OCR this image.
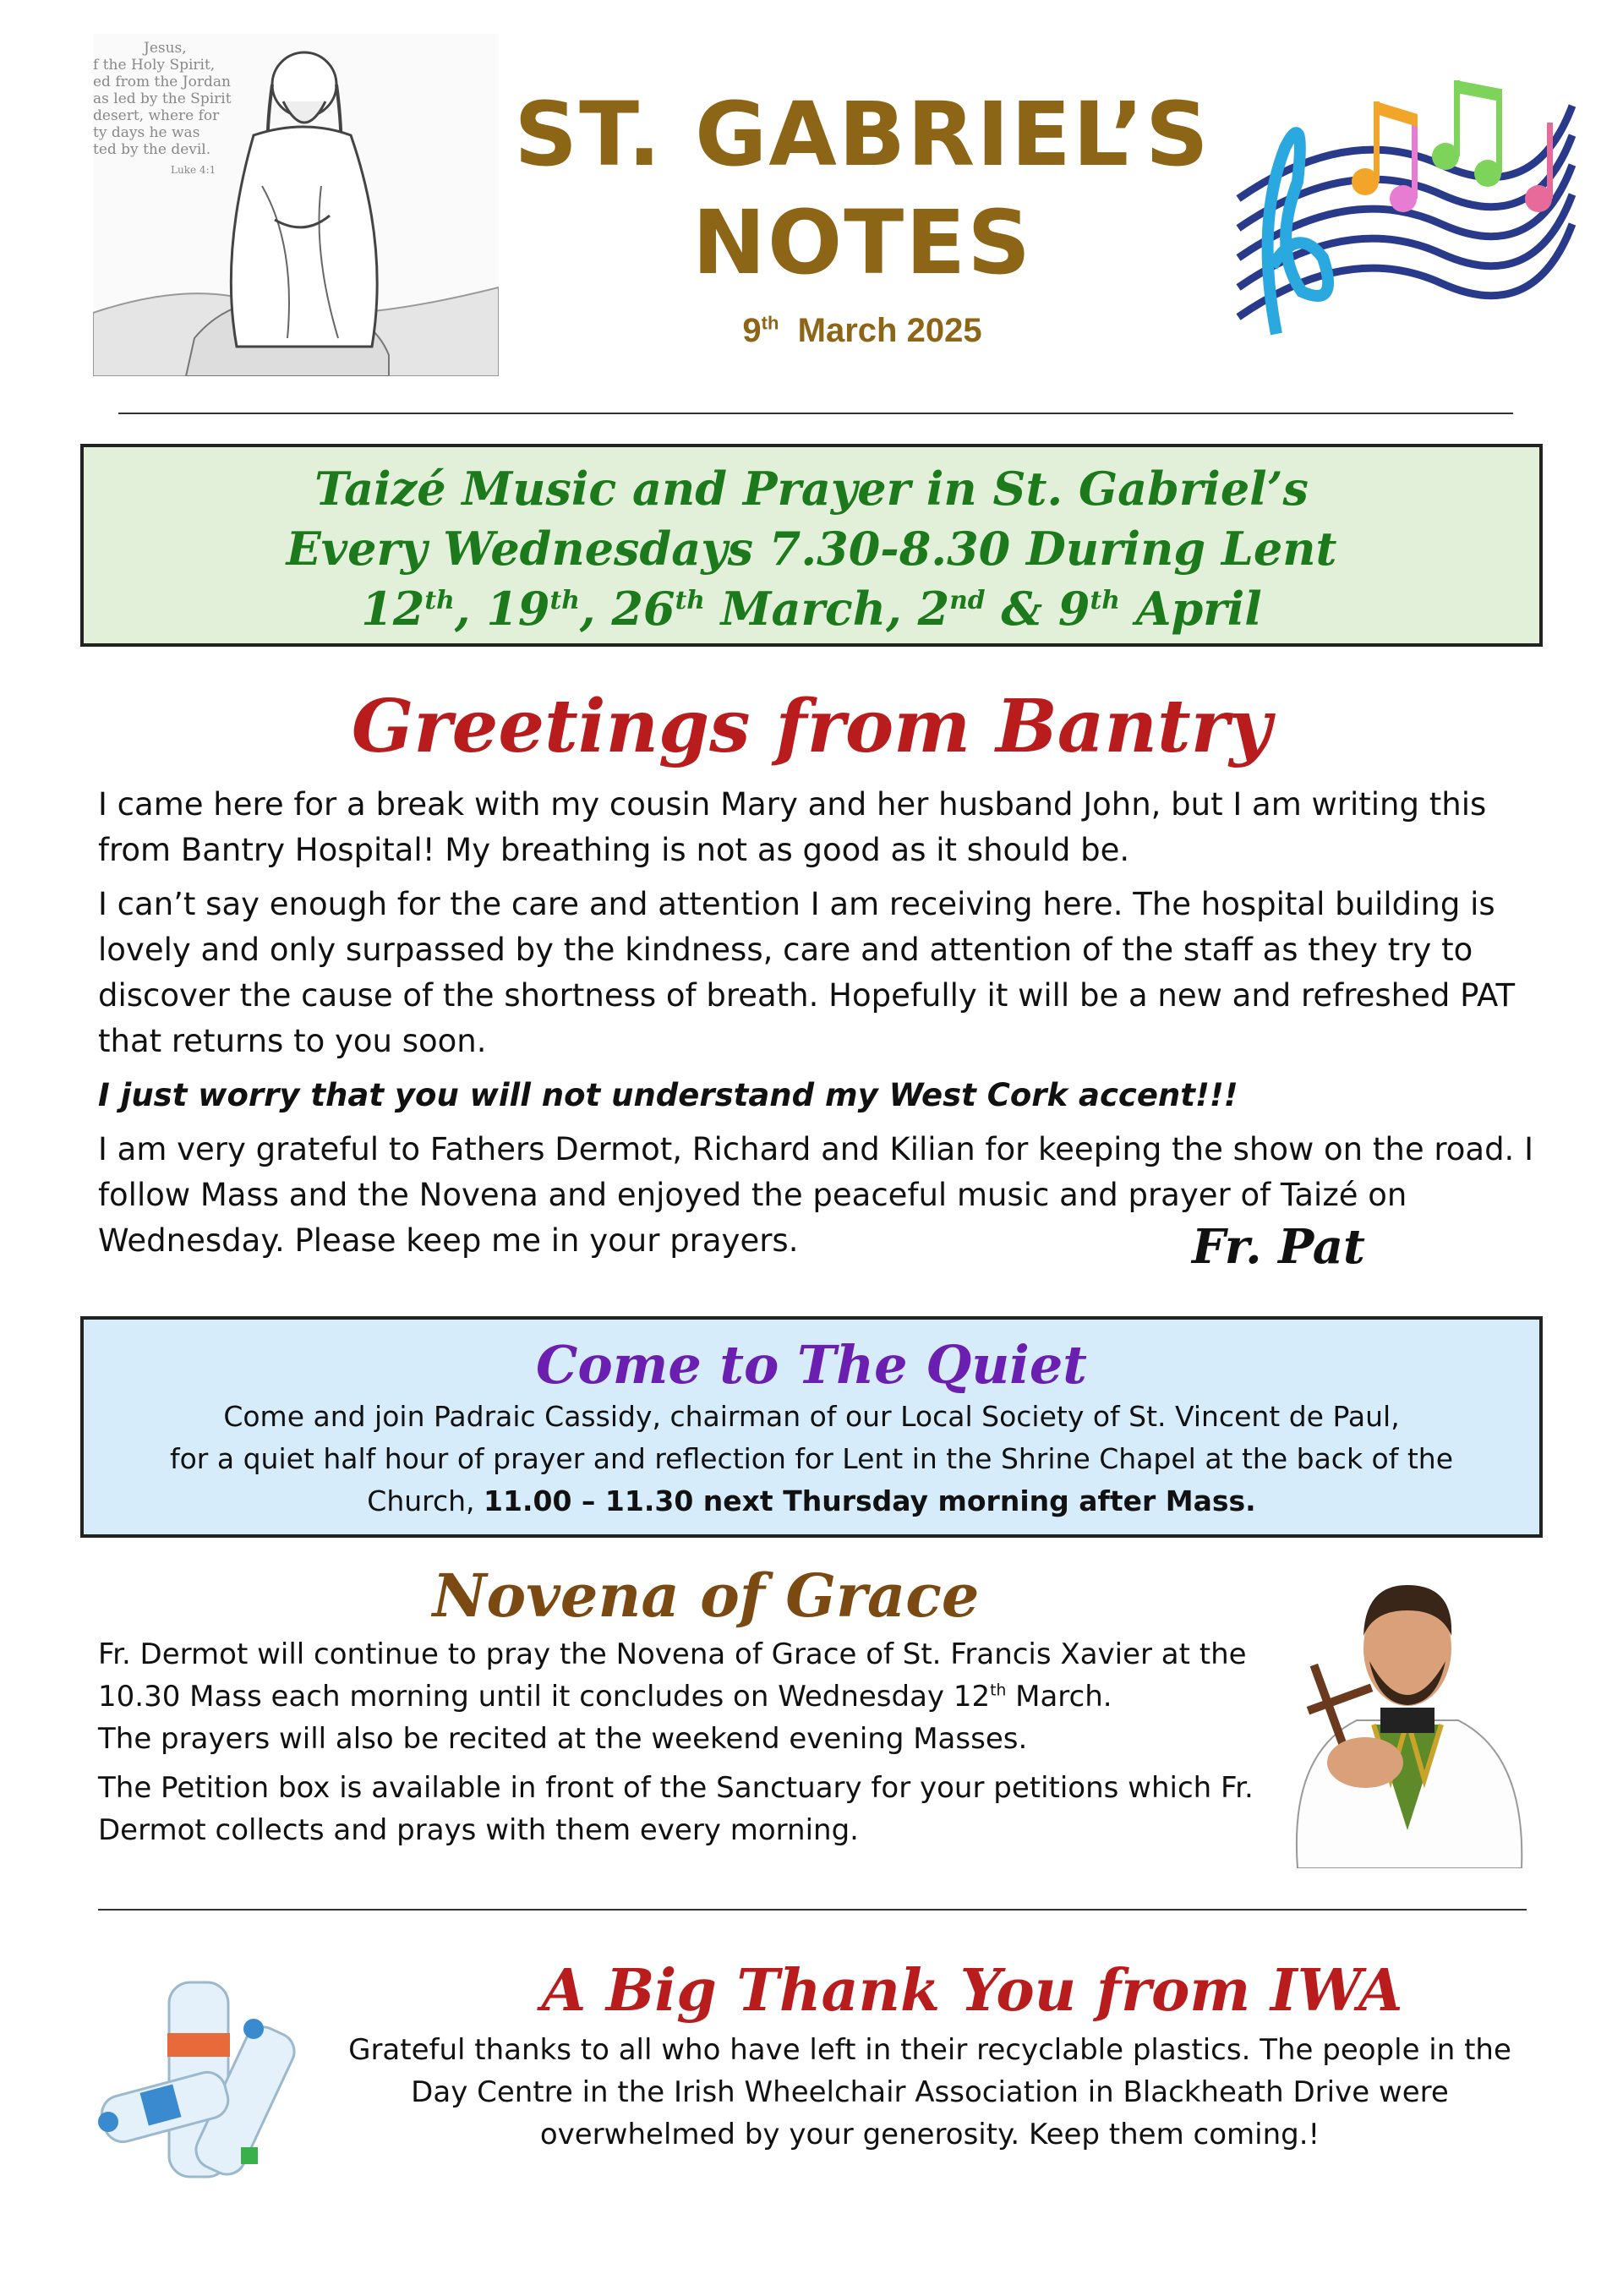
Jesus,
f the Holy Spirit,
ed from the Jordan
as led by the Spirit
desert, where for
ty days he was
ted by the devil.
Luke 4:1	ST. GABRIEL’S
NOTES
9th March 2025
Taizé Music and Prayer in St. Gabriel’s
Every Wednesdays 7.30-8.30 During Lent
12th, 19th, 26th March, 2nd & 9th April
Greetings from Bantry

I came here for a break with my cousin Mary and her husband John, but I am writing this from Bantry Hospital! My breathing is not as good as it should be.

I can’t say enough for the care and attention I am receiving here. The hospital building is lovely and only surpassed by the kindness, care and attention of the staff as they try to discover the cause of the shortness of breath. Hopefully it will be a new and refreshed PAT that returns to you soon.

I just worry that you will not understand my West Cork accent!!!

I am very grateful to Fathers Dermot, Richard and Kilian for keeping the show on the road. I follow Mass and the Novena and enjoyed the peaceful music and prayer of Taizé on Wednesday. Please keep me in your prayers.	Fr. Pat
Come to The Quiet
Come and join Padraic Cassidy, chairman of our Local Society of St. Vincent de Paul,
for a quiet half hour of prayer and reflection for Lent in the Shrine Chapel at the back of the
Church, 11.00 – 11.30 next Thursday morning after Mass.
Novena of Grace

Fr. Dermot will continue to pray the Novena of Grace of St. Francis Xavier at the 10.30 Mass each morning until it concludes on Wednesday 12th March.
The prayers will also be recited at the weekend evening Masses.

The Petition box is available in front of the Sanctuary for your petitions which Fr. Dermot collects and prays with them every morning.

A Big Thank You from IWA
Grateful thanks to all who have left in their recyclable plastics. The people in the
Day Centre in the Irish Wheelchair Association in Blackheath Drive were
overwhelmed by your generosity. Keep them coming.!
